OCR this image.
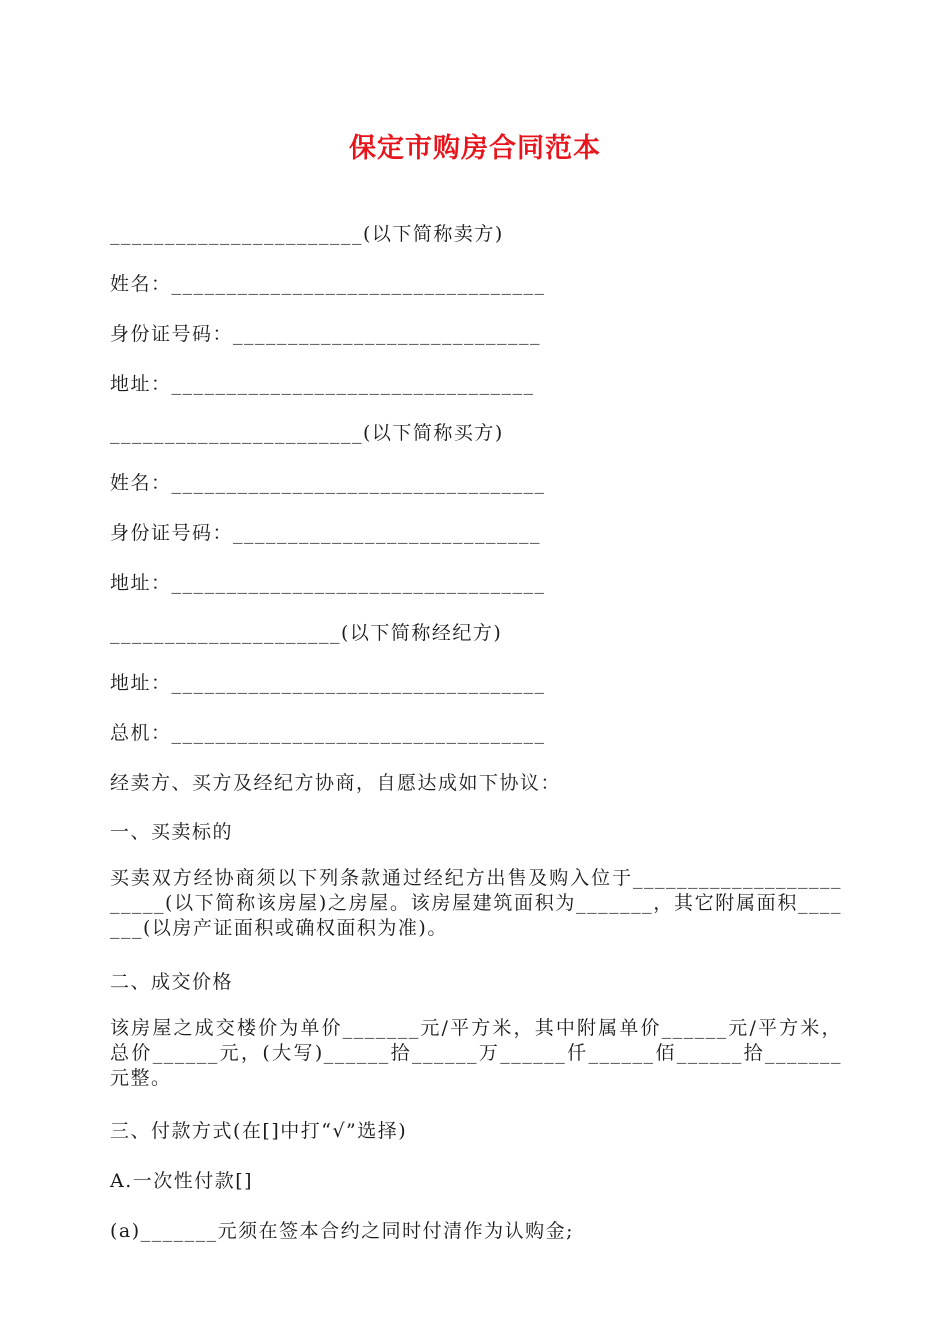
保定市购房合同范本
_______________________(以下简称卖方)
姓名：__________________________________
身份证号码：____________________________
地址：_________________________________
_______________________(以下简称买方)
姓名：__________________________________
身份证号码：____________________________
地址：__________________________________
_____________________(以下简称经纪方)
地址：__________________________________
总机：__________________________________
经卖方、买方及经纪方协商，自愿达成如下协议：
一、买卖标的
买卖双方经协商须以下列条款通过经纪方出售及购入位于________________________(以下简称该房屋)之房屋。该房屋建筑面积为_______，其它附属面积_______(以房产证面积或确权面积为准)。
二、成交价格
该房屋之成交楼价为单价_______元/平方米，其中附属单价______元/平方米，总价______元，(大写)______拾______万______仟______佰______拾_______元整。
三、付款方式(在[]中打“√”选择)
A.一次性付款[]
(a)_______元须在签本合约之同时付清作为认购金;
